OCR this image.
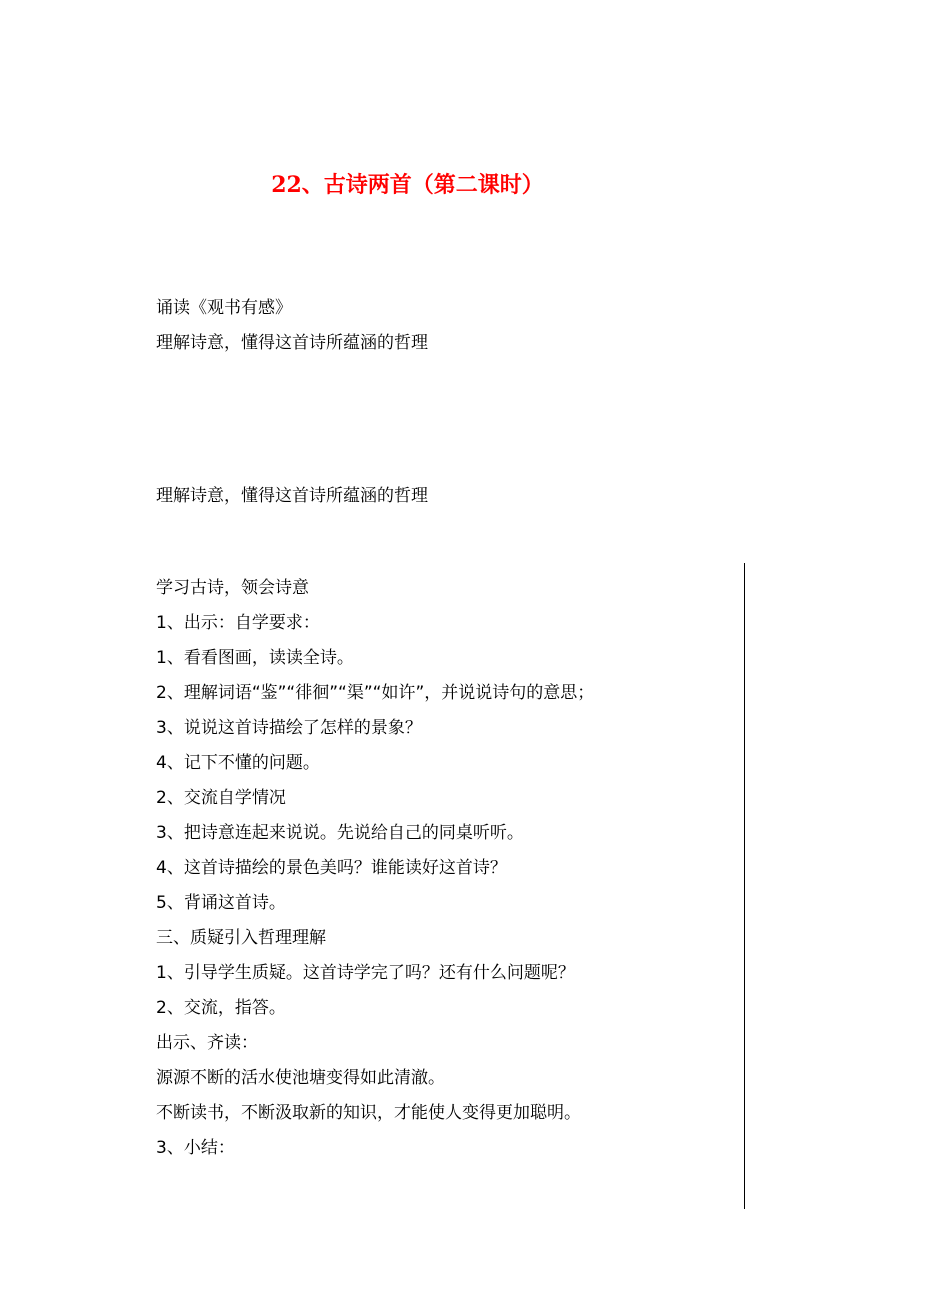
22、古诗两首（第二课时）
诵读《观书有感》
理解诗意，懂得这首诗所蕴涵的哲理
理解诗意，懂得这首诗所蕴涵的哲理
学习古诗，领会诗意
1、出示：自学要求：
1、看看图画，读读全诗。
2、理解词语“鉴”“徘徊”“渠”“如许”，并说说诗句的意思；
3、说说这首诗描绘了怎样的景象？
4、记下不懂的问题。
2、交流自学情况
3、把诗意连起来说说。先说给自己的同桌听听。
4、这首诗描绘的景色美吗？谁能读好这首诗？
5、背诵这首诗。
三、质疑引入哲理理解
1、引导学生质疑。这首诗学完了吗？还有什么问题呢？
2、交流，指答。
出示、齐读：
源源不断的活水使池塘变得如此清澈。
不断读书，不断汲取新的知识，才能使人变得更加聪明。
3、小结：
